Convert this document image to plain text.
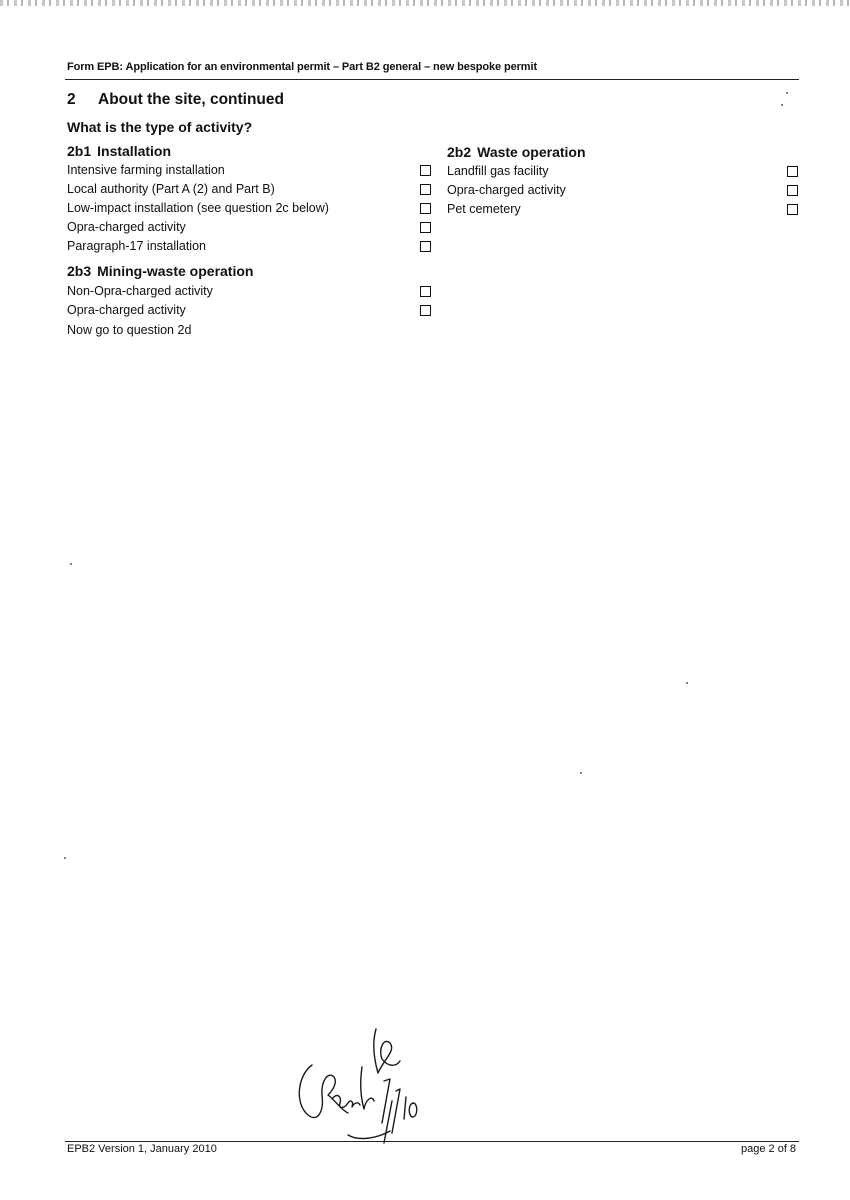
Form EPB: Application for an environmental permit – Part B2 general – new bespoke permit
2 About the site, continued
What is the type of activity?
2b1 Installation
Intensive farming installation
Local authority (Part A (2) and Part B)
Low-impact installation (see question 2c below)
Opra-charged activity
Paragraph-17 installation
2b2 Waste operation
Landfill gas facility
Opra-charged activity
Pet cemetery
2b3 Mining-waste operation
Non-Opra-charged activity
Opra-charged activity
Now go to question 2d
EPB2 Version 1, January 2010	page 2 of 8
